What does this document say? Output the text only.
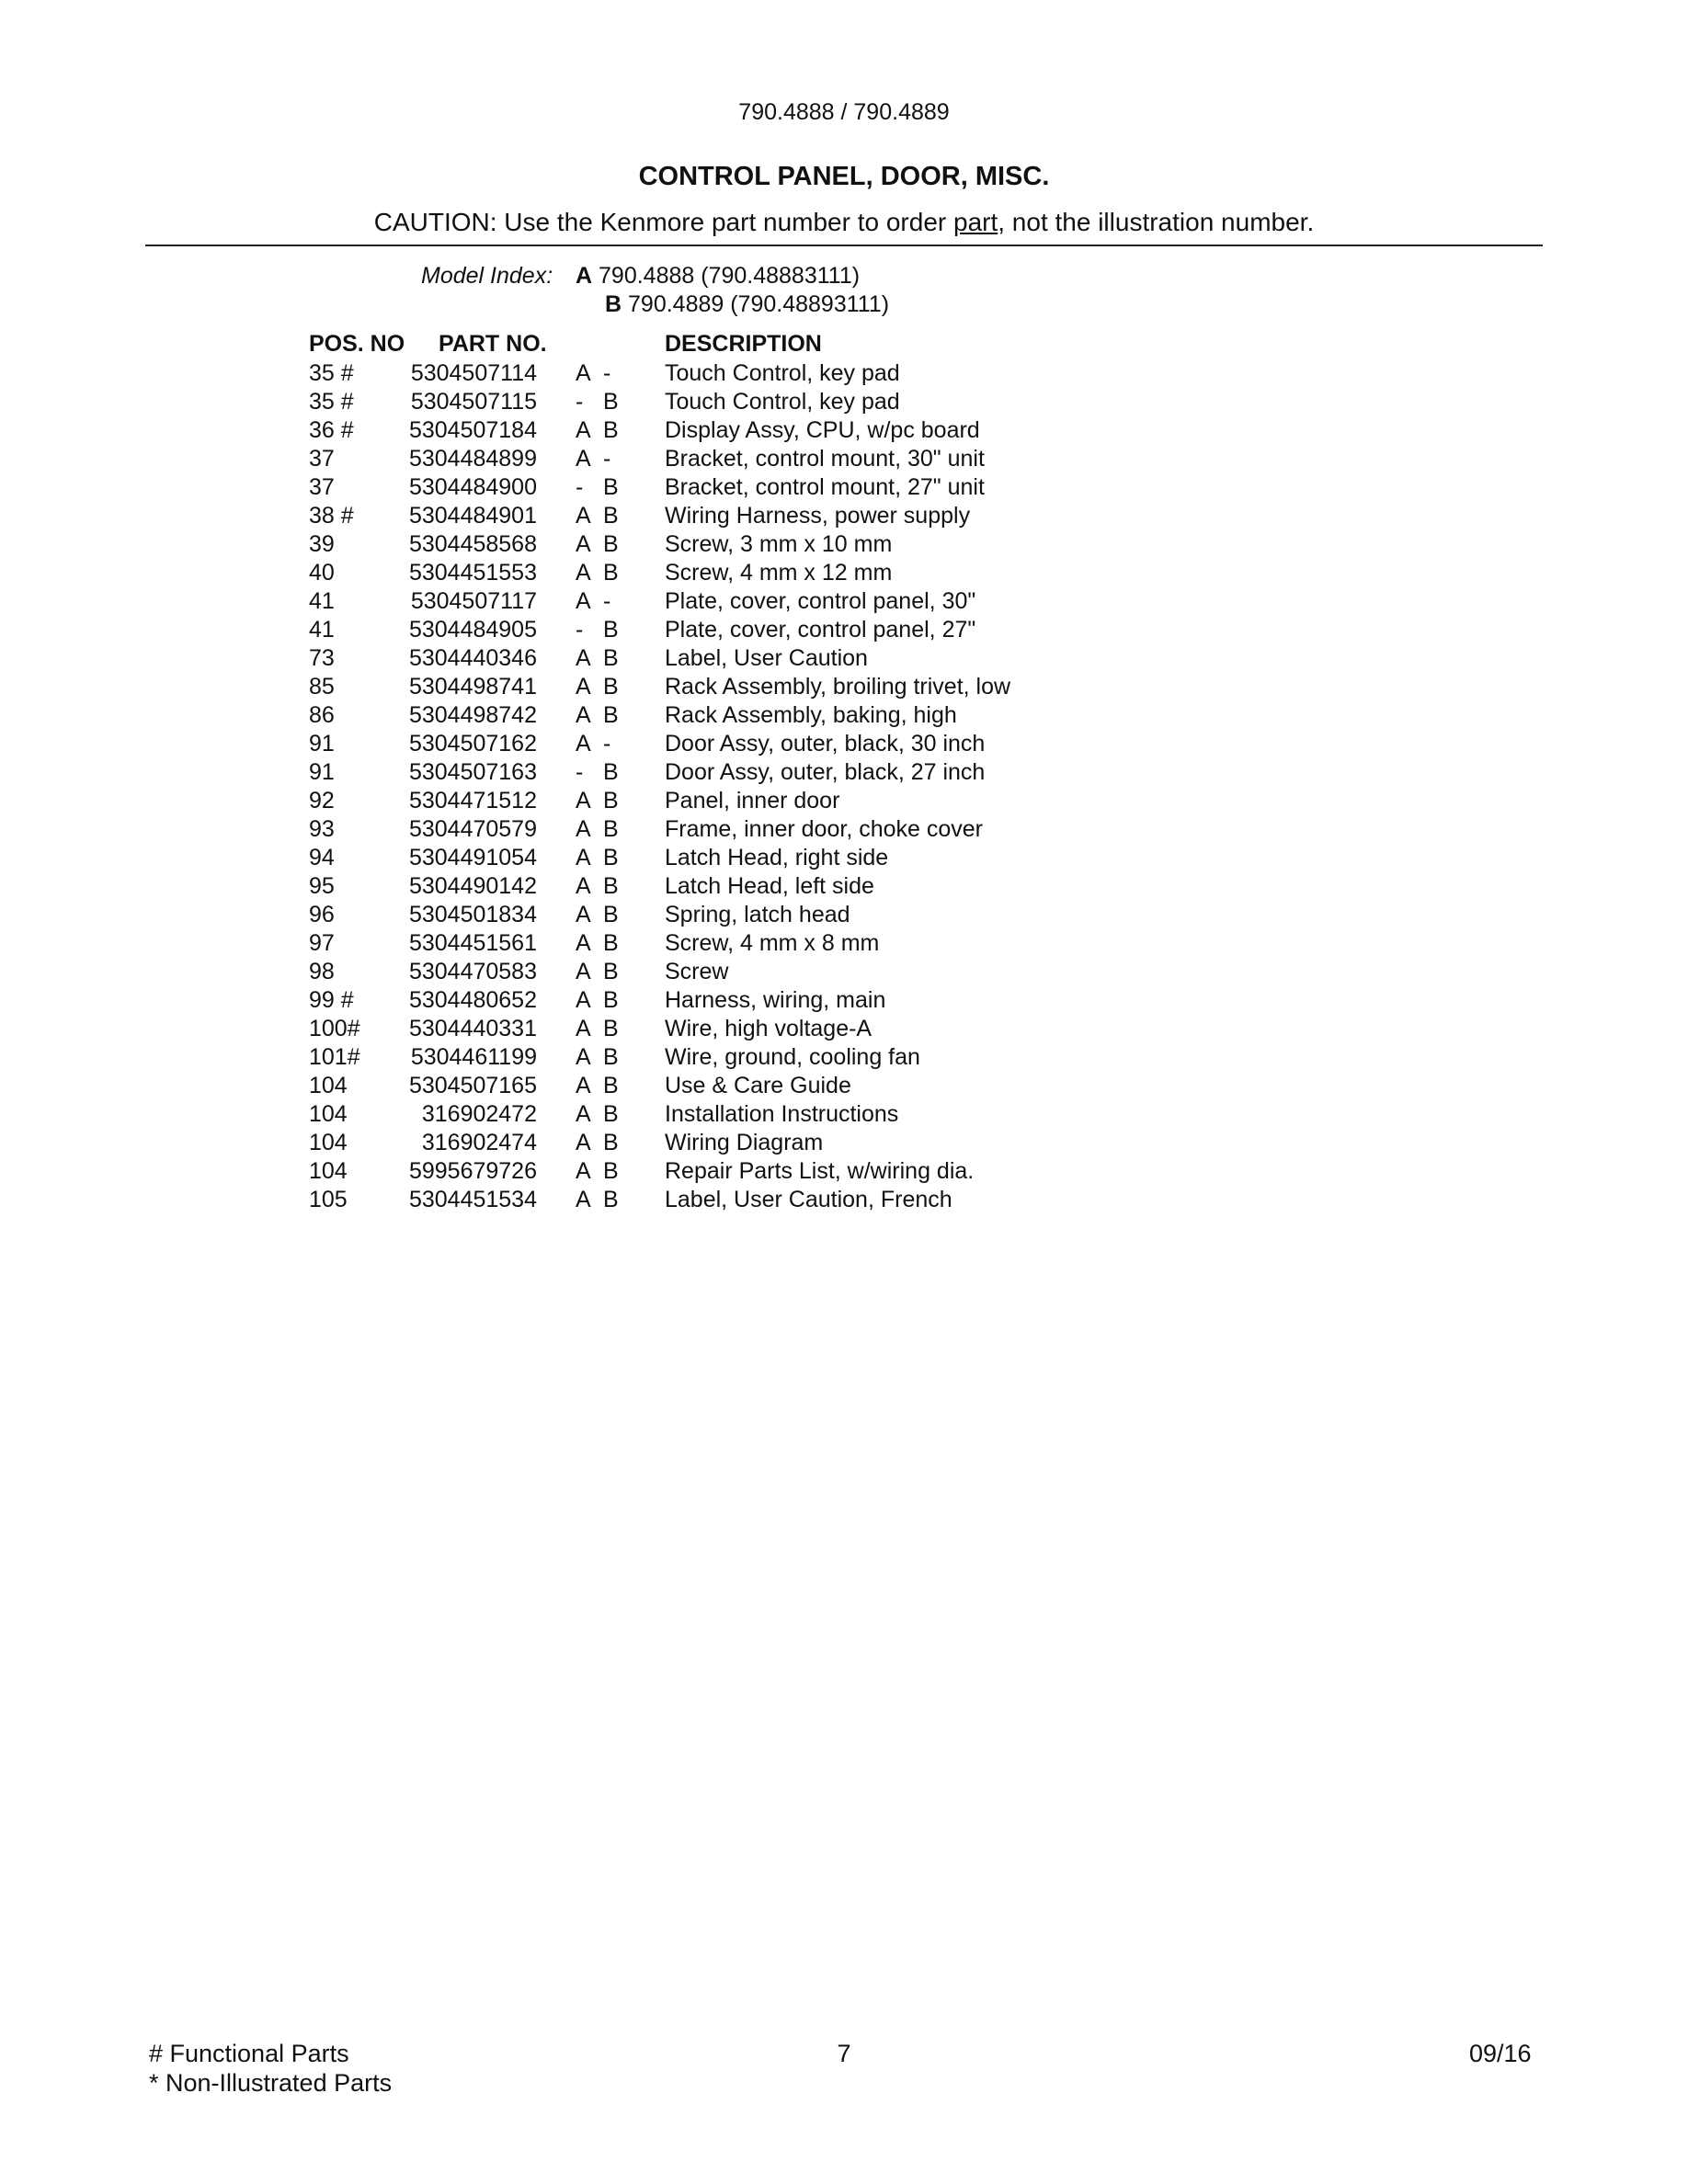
790.4888 / 790.4889
CONTROL PANEL, DOOR, MISC.
CAUTION: Use the Kenmore part number to order part, not the illustration number.
Model Index: A 790.4888 (790.48883111)
B 790.4889 (790.48893111)
POS. NO PART NO.	DESCRIPTION
35 # 5304507114 A - Touch Control, key pad
35 # 5304507115 - B Touch Control, key pad
36 # 5304507184 A B Display Assy, CPU, w/pc board
37	5304484899 A - Bracket, control mount, 30" unit
37	5304484900 - B Bracket, control mount, 27" unit
38 # 5304484901 A B Wiring Harness, power supply
39	5304458568 A B Screw, 3 mm x 10 mm
40	5304451553 A B Screw, 4 mm x 12 mm
41	5304507117 A - Plate, cover, control panel, 30"
41	5304484905 - B Plate, cover, control panel, 27"
73	5304440346 A B Label, User Caution
85	5304498741 A B Rack Assembly, broiling trivet, low
86	5304498742 A B Rack Assembly, baking, high
91	5304507162 A - Door Assy, outer, black, 30 inch
91	5304507163 - B Door Assy, outer, black, 27 inch
92	5304471512 A B Panel, inner door
93	5304470579 A B Frame, inner door, choke cover
94	5304491054 A B Latch Head, right side
95	5304490142 A B Latch Head, left side
96	5304501834 A B Spring, latch head
97	5304451561 A B Screw, 4 mm x 8 mm
98	5304470583 A B Screw
99 # 5304480652 A B Harness, wiring, main
100# 5304440331 A B Wire, high voltage-A
101# 5304461199 A B Wire, ground, cooling fan
104	5304507165 A B Use & Care Guide
104	316902472 A B Installation Instructions
104	316902474 A B Wiring Diagram
104	5995679726 A B Repair Parts List, w/wiring dia.
105	5304451534 A B Label, User Caution, French
# Functional Parts
* Non-Illustrated Parts
7	09/16
